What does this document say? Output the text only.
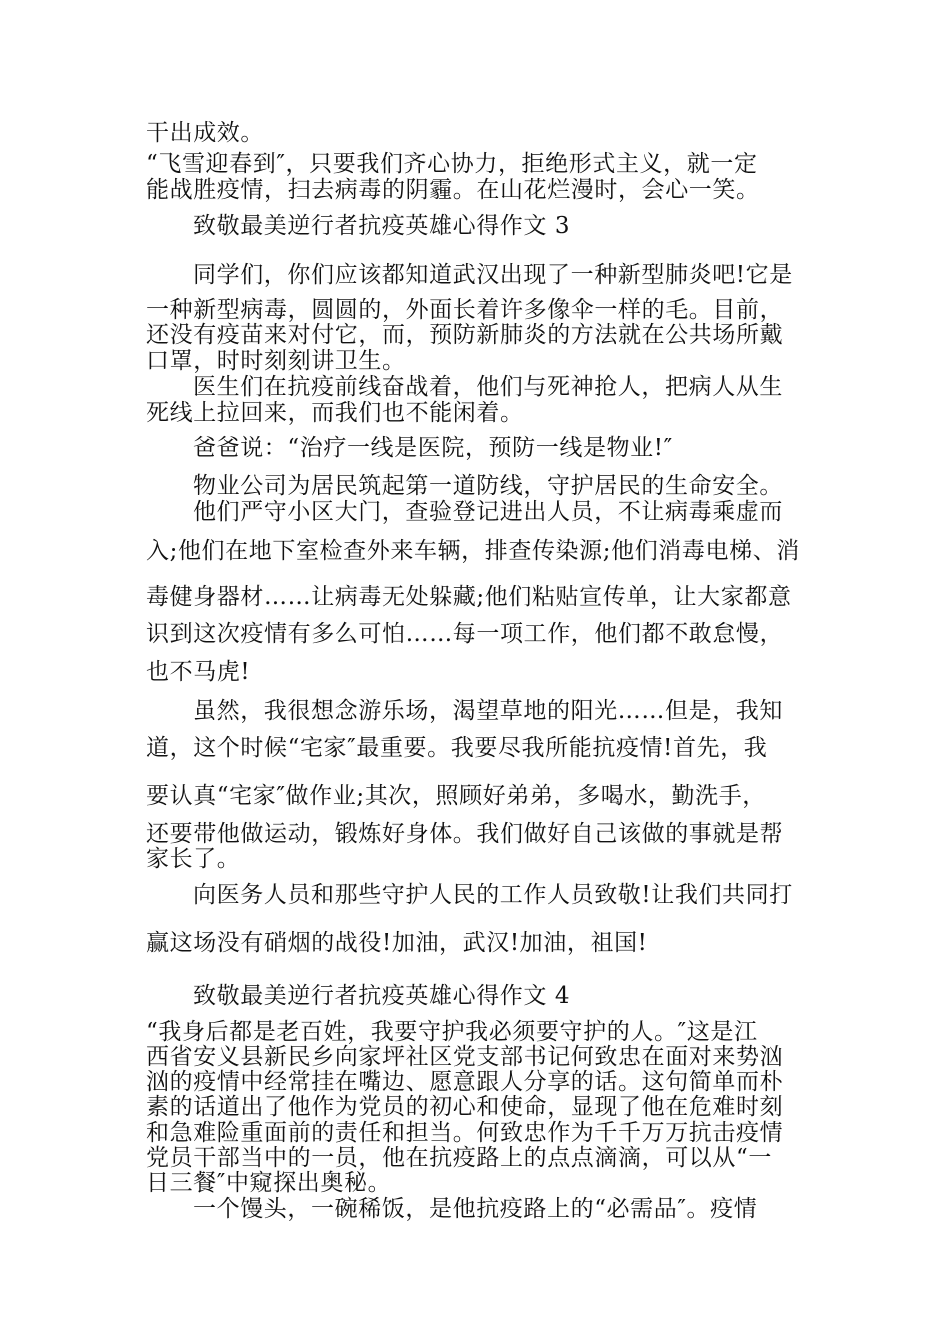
干出成效。
“飞雪迎春到″，只要我们齐心协力，拒绝形式主义，就一定
能战胜疫情，扫去病毒的阴霾。在山花烂漫时，会心一笑。
致敬最美逆行者抗疫英雄心得作文 3
同学们，你们应该都知道武汉出现了一种新型肺炎吧!它是
一种新型病毒，圆圆的，外面长着许多像伞一样的毛。目前，
还没有疫苗来对付它，而，预防新肺炎的方法就在公共场所戴
口罩，时时刻刻讲卫生。
医生们在抗疫前线奋战着，他们与死神抢人，把病人从生
死线上拉回来，而我们也不能闲着。
爸爸说：“治疗一线是医院，预防一线是物业!″
物业公司为居民筑起第一道防线，守护居民的生命安全。
他们严守小区大门，查验登记进出人员，不让病毒乘虚而
入;他们在地下室检查外来车辆，排查传染源;他们消毒电梯、消
毒健身器材……让病毒无处躲藏;他们粘贴宣传单，让大家都意
识到这次疫情有多么可怕……每一项工作，他们都不敢怠慢，
也不马虎!
虽然，我很想念游乐场，渴望草地的阳光……但是，我知
道，这个时候“宅家″最重要。我要尽我所能抗疫情!首先，我
要认真“宅家″做作业;其次，照顾好弟弟，多喝水，勤洗手，
还要带他做运动，锻炼好身体。我们做好自己该做的事就是帮
家长了。
向医务人员和那些守护人民的工作人员致敬!让我们共同打
赢这场没有硝烟的战役!加油，武汉!加油，祖国!
致敬最美逆行者抗疫英雄心得作文 4
“我身后都是老百姓，我要守护我必须要守护的人。″这是江
西省安义县新民乡向家坪社区党支部书记何致忠在面对来势汹
汹的疫情中经常挂在嘴边、愿意跟人分享的话。这句简单而朴
素的话道出了他作为党员的初心和使命，显现了他在危难时刻
和急难险重面前的责任和担当。何致忠作为千千万万抗击疫情
党员干部当中的一员，他在抗疫路上的点点滴滴，可以从“一
日三餐″中窥探出奥秘。
一个馒头，一碗稀饭，是他抗疫路上的“必需品″。疫情
